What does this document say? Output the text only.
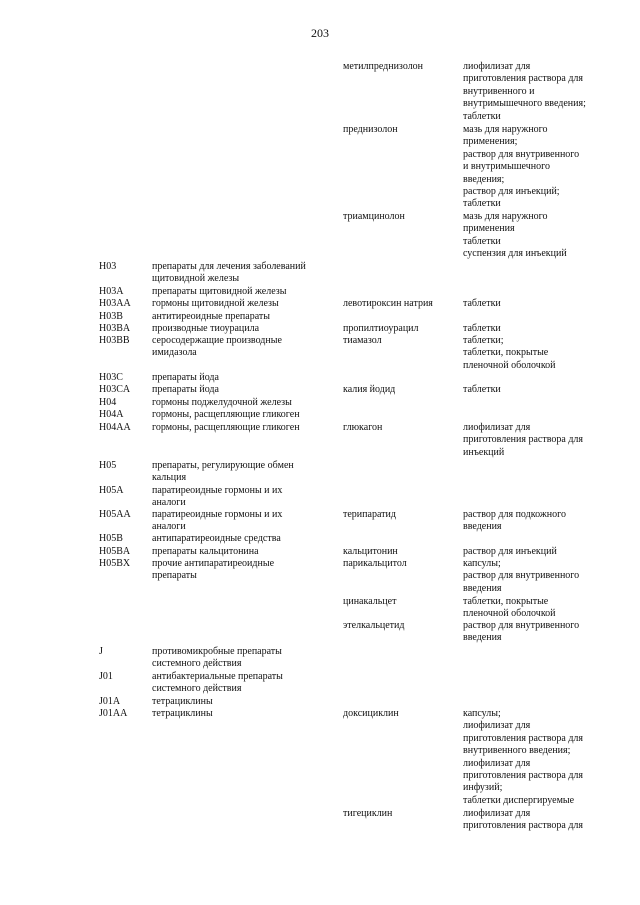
203
метилпреднизолон	лиофилизат для
приготовления раствора для
внутривенного и
внутримышечного введения;
таблетки
преднизолон	мазь для наружного
применения;
раствор для внутривенного
и внутримышечного
введения;
раствор для инъекций;
таблетки
триамцинолон	мазь для наружного
применения
таблетки
суспензия для инъекций
H03	препараты для лечения заболеваний
щитовидной железы
H03A	препараты щитовидной железы
H03AA	гормоны щитовидной железы	левотироксин натрия	таблетки
H03B	антитиреоидные препараты
H03BA	производные тиоурацила	пропилтиоурацил	таблетки
H03BB	серосодержащие производные
имидазола
тиамазол	таблетки;
таблетки, покрытые
пленочной оболочкой
H03C	препараты йода
H03CA	препараты йода	калия йодид	таблетки
H04	гормоны поджелудочной железы
H04A	гормоны, расщепляющие гликоген
H04AA	гормоны, расщепляющие гликоген	глюкагон	лиофилизат для
приготовления раствора для
инъекций
H05	препараты, регулирующие обмен
кальция
H05A	паратиреоидные гормоны и их
аналоги
H05AA	паратиреоидные гормоны и их
аналоги
терипаратид	раствор для подкожного
введения
H05B	антипаратиреоидные средства
H05BA	препараты кальцитонина	кальцитонин	раствор для инъекций
H05BX	прочие антипаратиреоидные
препараты
парикальцитол	капсулы;
раствор для внутривенного
введения
цинакальцет	таблетки, покрытые
пленочной оболочкой
этелкальцетид	раствор для внутривенного
введения
J	противомикробные препараты
системного действия
J01	антибактериальные препараты
системного действия
J01A	тетрациклины
J01AA	тетрациклины	доксициклин	капсулы;
лиофилизат для
приготовления раствора для
внутривенного введения;
лиофилизат для
приготовления раствора для
инфузий;
таблетки диспергируемые
тигециклин	лиофилизат для
приготовления раствора для
